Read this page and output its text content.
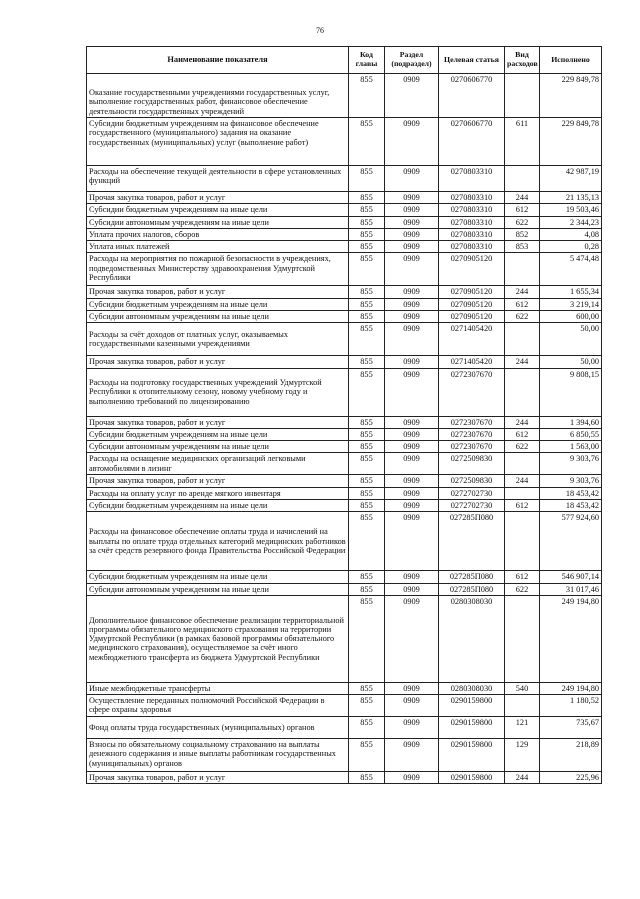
76
Наименование показателя	Код главы	Раздел (подраздел)	Целевая статья	Вид расходов	Исполнено
Оказание государственными учреждениями государственных услуг, выполнение государственных работ, финансовое обеспечение деятельности государственных учреждений	855	0909	0270606770		229 849,78
Субсидии бюджетным учреждениям на финансовое обеспечение государственного (муниципального) задания на оказание государственных (муниципальных) услуг (выполнение работ)	855	0909	0270606770	611	229 849,78
Расходы на обеспечение текущей деятельности в сфере установленных функций	855	0909	0270803310		42 987,19
Прочая закупка товаров, работ и услуг	855	0909	0270803310	244	21 135,13
Субсидии бюджетным учреждениям на иные цели	855	0909	0270803310	612	19 503,46
Субсидии автономным учреждениям на иные цели	855	0909	0270803310	622	2 344,23
Уплата прочих налогов, сборов	855	0909	0270803310	852	4,08
Уплата иных платежей	855	0909	0270803310	853	0,28
Расходы на мероприятия по пожарной безопасности в учреждениях, подведомственных Министерству здравоохранения Удмуртской Республики	855	0909	0270905120		5 474,48
Прочая закупка товаров, работ и услуг	855	0909	0270905120	244	1 655,34
Субсидии бюджетным учреждениям на иные цели	855	0909	0270905120	612	3 219,14
Субсидии автономным учреждениям на иные цели	855	0909	0270905120	622	600,00
Расходы за счёт доходов от платных услуг, оказываемых государственными казенными учреждениями	855	0909	0271405420		50,00
Прочая закупка товаров, работ и услуг	855	0909	0271405420	244	50,00
Расходы на подготовку государственных учреждений Удмуртской Республики к отопительному сезону, новому учебному году и выполнению требований по лицензированию	855	0909	0272307670		9 808,15
Прочая закупка товаров, работ и услуг	855	0909	0272307670	244	1 394,60
Субсидии бюджетным учреждениям на иные цели	855	0909	0272307670	612	6 850,55
Субсидии автономным учреждениям на иные цели	855	0909	0272307670	622	1 563,00
Расходы на оснащение медицинских организаций легковыми автомобилями в лизинг	855	0909	0272509830		9 303,76
Прочая закупка товаров, работ и услуг	855	0909	0272509830	244	9 303,76
Расходы на оплату услуг по аренде мягкого инвентаря	855	0909	0272702730		18 453,42
Субсидии бюджетным учреждениям на иные цели	855	0909	0272702730	612	18 453,42
Расходы на финансовое обеспечение оплаты труда и начислений на выплаты по оплате труда отдельных категорий медицинских работников за счёт средств резервного фонда Правительства Российской Федерации	855	0909	027285П080		577 924,60
Субсидии бюджетным учреждениям на иные цели	855	0909	027285П080	612	546 907,14
Субсидии автономным учреждениям на иные цели	855	0909	027285П080	622	31 017,46
Дополнительное финансовое обеспечение реализации территориальной программы обязательного медицинского страхования на территории Удмуртской Республики (в рамках базовой программы обязательного медицинского страхования), осуществляемое за счёт иного межбюджетного трансферта из бюджета Удмуртской Республики	855	0909	0280308030		249 194,80
Иные межбюджетные трансферты	855	0909	0280308030	540	249 194,80
Осуществление переданных полномочий Российской Федерации в сфере охраны здоровья	855	0909	0290159800		1 180,52
Фонд оплаты труда государственных (муниципальных) органов	855	0909	0290159800	121	735,67
Взносы по обязательному социальному страхованию на выплаты денежного содержания и иные выплаты работникам государственных (муниципальных) органов	855	0909	0290159800	129	218,89
Прочая закупка товаров, работ и услуг	855	0909	0290159800	244	225,96
